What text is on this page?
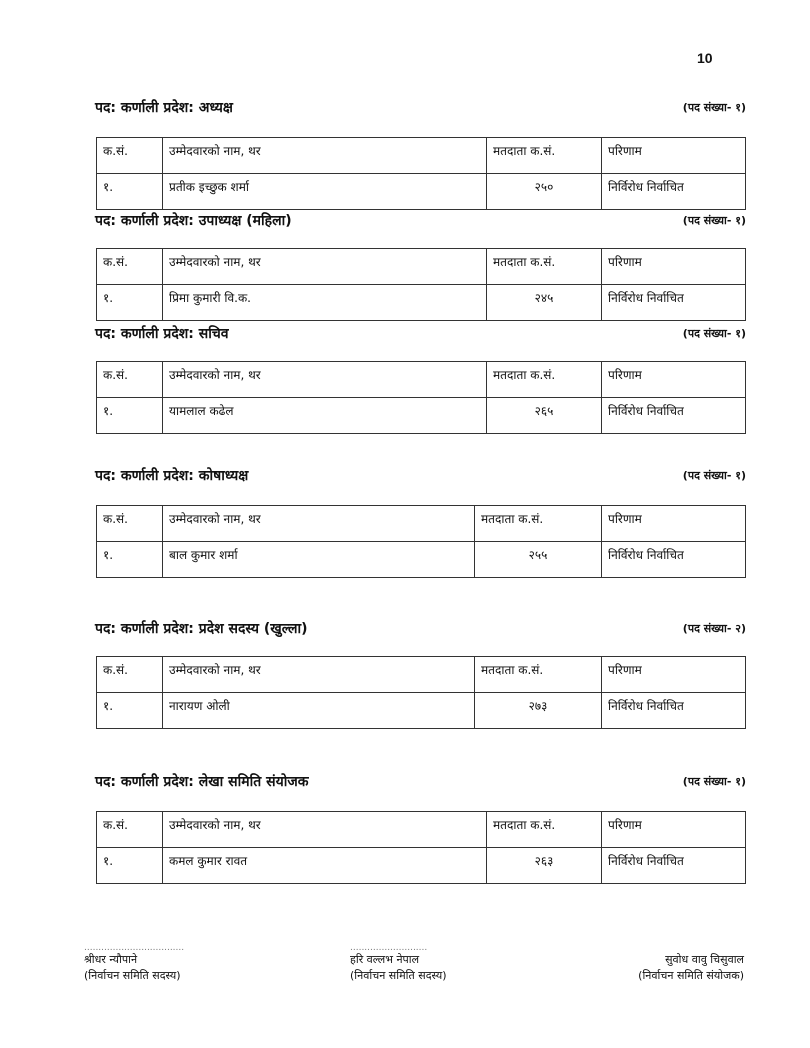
10
पद: कर्णाली प्रदेश: अध्यक्ष	(पद संख्या- १)
क.सं.	उम्मेदवारको नाम, थर	मतदाता क.सं.	परिणाम
१.	प्रतीक इच्छुक शर्मा	२५०	निर्विरोध निर्वाचित
पद: कर्णाली प्रदेश: उपाध्यक्ष (महिला)	(पद संख्या- १)
क.सं.	उम्मेदवारको नाम, थर	मतदाता क.सं.	परिणाम
१.	प्रिमा कुमारी वि.क.	२४५	निर्विरोध निर्वाचित
पद: कर्णाली प्रदेश: सचिव	(पद संख्या- १)
क.सं.	उम्मेदवारको नाम, थर	मतदाता क.सं.	परिणाम
१.	यामलाल कढेल	२६५	निर्विरोध निर्वाचित
पद: कर्णाली प्रदेश: कोषाध्यक्ष	(पद संख्या- १)
क.सं.	उम्मेदवारको नाम, थर	मतदाता क.सं.	परिणाम
१.	बाल कुमार शर्मा	२५५	निर्विरोध निर्वाचित
पद: कर्णाली प्रदेश: प्रदेश सदस्य (खुल्ला)	(पद संख्या- २)
क.सं.	उम्मेदवारको नाम, थर	मतदाता क.सं.	परिणाम
१.	नारायण ओली	२७३	निर्विरोध निर्वाचित
पद: कर्णाली प्रदेश: लेखा समिति संयोजक	(पद संख्या- १)
क.सं.	उम्मेदवारको नाम, थर	मतदाता क.सं.	परिणाम
१.	कमल कुमार रावत	२६३	निर्विरोध निर्वाचित
...................................
श्रीधर न्यौपाने
(निर्वाचन समिति सदस्य)
...........................
हरि वल्लभ नेपाल
(निर्वाचन समिति सदस्य)

सुवोध वावु चिसुवाल
(निर्वाचन समिति संयोजक)
